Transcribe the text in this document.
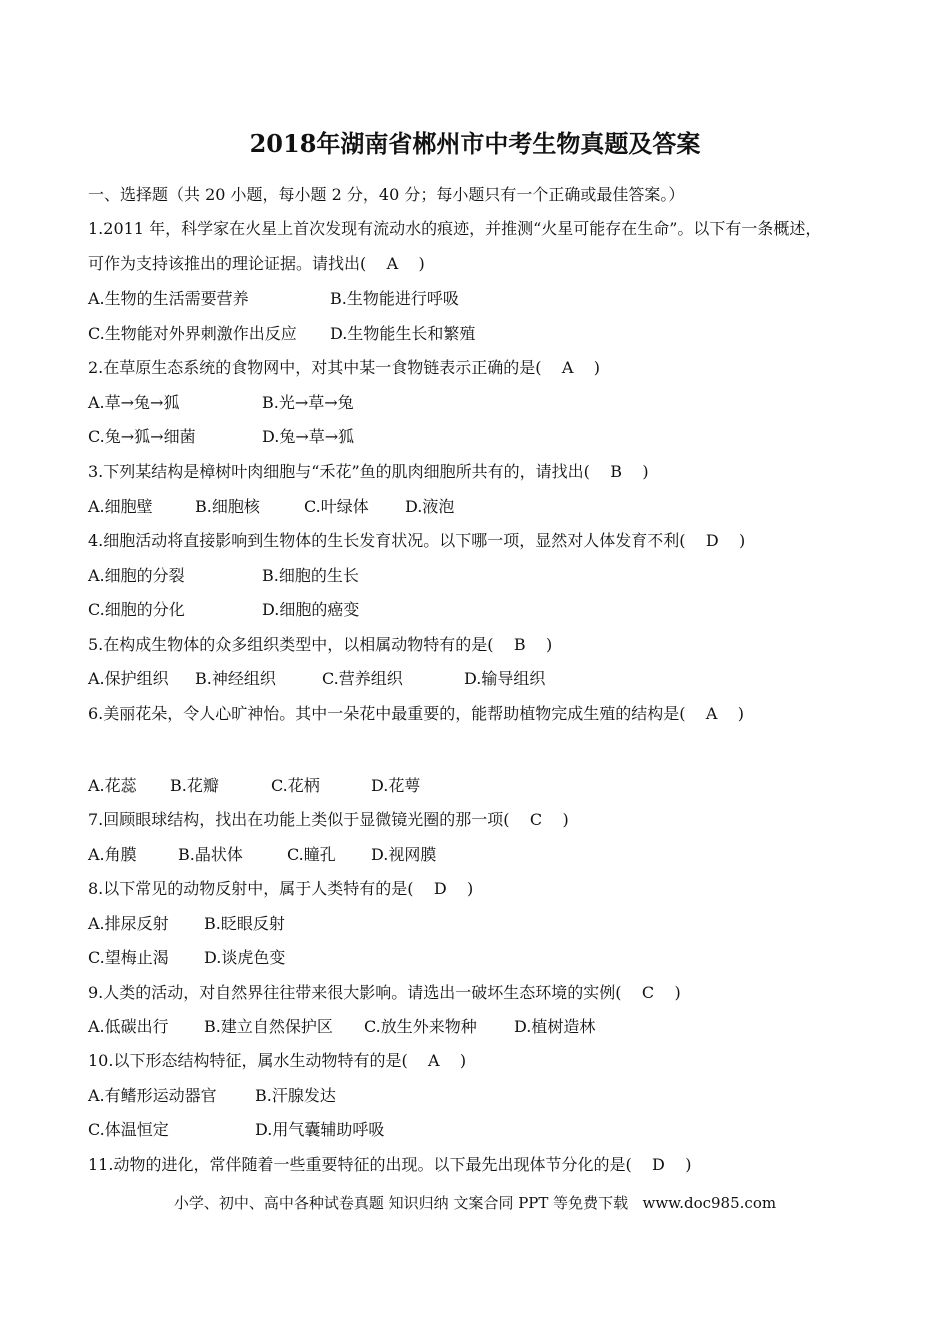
2018年湖南省郴州市中考生物真题及答案
一、选择题（共 20 小题，每小题 2 分，40 分；每小题只有一个正确或最佳答案。）
1.2011 年，科学家在火星上首次发现有流动水的痕迹，并推测“火星可能存在生命”。以下有一条概述，
可作为支持该推出的理论证据。请找出(    A    )
A.生物的生活需要营养	B.生物能进行呼吸
C.生物能对外界刺激作出反应 D.生物能生长和繁殖
2.在草原生态系统的食物网中，对其中某一食物链表示正确的是(    A    )
A.草→兔→狐	B.光→草→兔
C.兔→狐→细菌	D.兔→草→狐
3.下列某结构是樟树叶肉细胞与“禾花”鱼的肌肉细胞所共有的，请找出(    B    )
A.细胞壁	B.细胞核	C.叶绿体 D.液泡
4.细胞活动将直接影响到生物体的生长发育状况。以下哪一项，显然对人体发育不利(    D    )
A.细胞的分裂	B.细胞的生长
C.细胞的分化	D.细胞的癌变
5.在构成生物体的众多组织类型中，以相属动物特有的是(    B    )
A.保护组织 B.神经组织	C.营养组织	D.输导组织
6.美丽花朵，令人心旷神怡。其中一朵花中最重要的，能帮助植物完成生殖的结构是(    A    )
A.花蕊 B.花瓣	C.花柄	D.花萼
7.回顾眼球结构，找出在功能上类似于显微镜光圈的那一项(    C    )
A.角膜	B.晶状体	C.瞳孔 D.视网膜
8.以下常见的动物反射中，属于人类特有的是(    D    )
A.排尿反射 B.眨眼反射
C.望梅止渴 D.谈虎色变
9.人类的活动，对自然界往往带来很大影响。请选出一破坏生态环境的实例(    C    )
A.低碳出行 B.建立自然保护区 C.放生外来物种 D.植树造林
10.以下形态结构特征，属水生动物特有的是(    A    )
A.有鳍形运动器官 B.汗腺发达
C.体温恒定	D.用气囊辅助呼吸
11.动物的进化，常伴随着一些重要特征的出现。以下最先出现体节分化的是(    D    )
小学、初中、高中各种试卷真题 知识归纳 文案合同 PPT 等免费下载   www.doc985.com
